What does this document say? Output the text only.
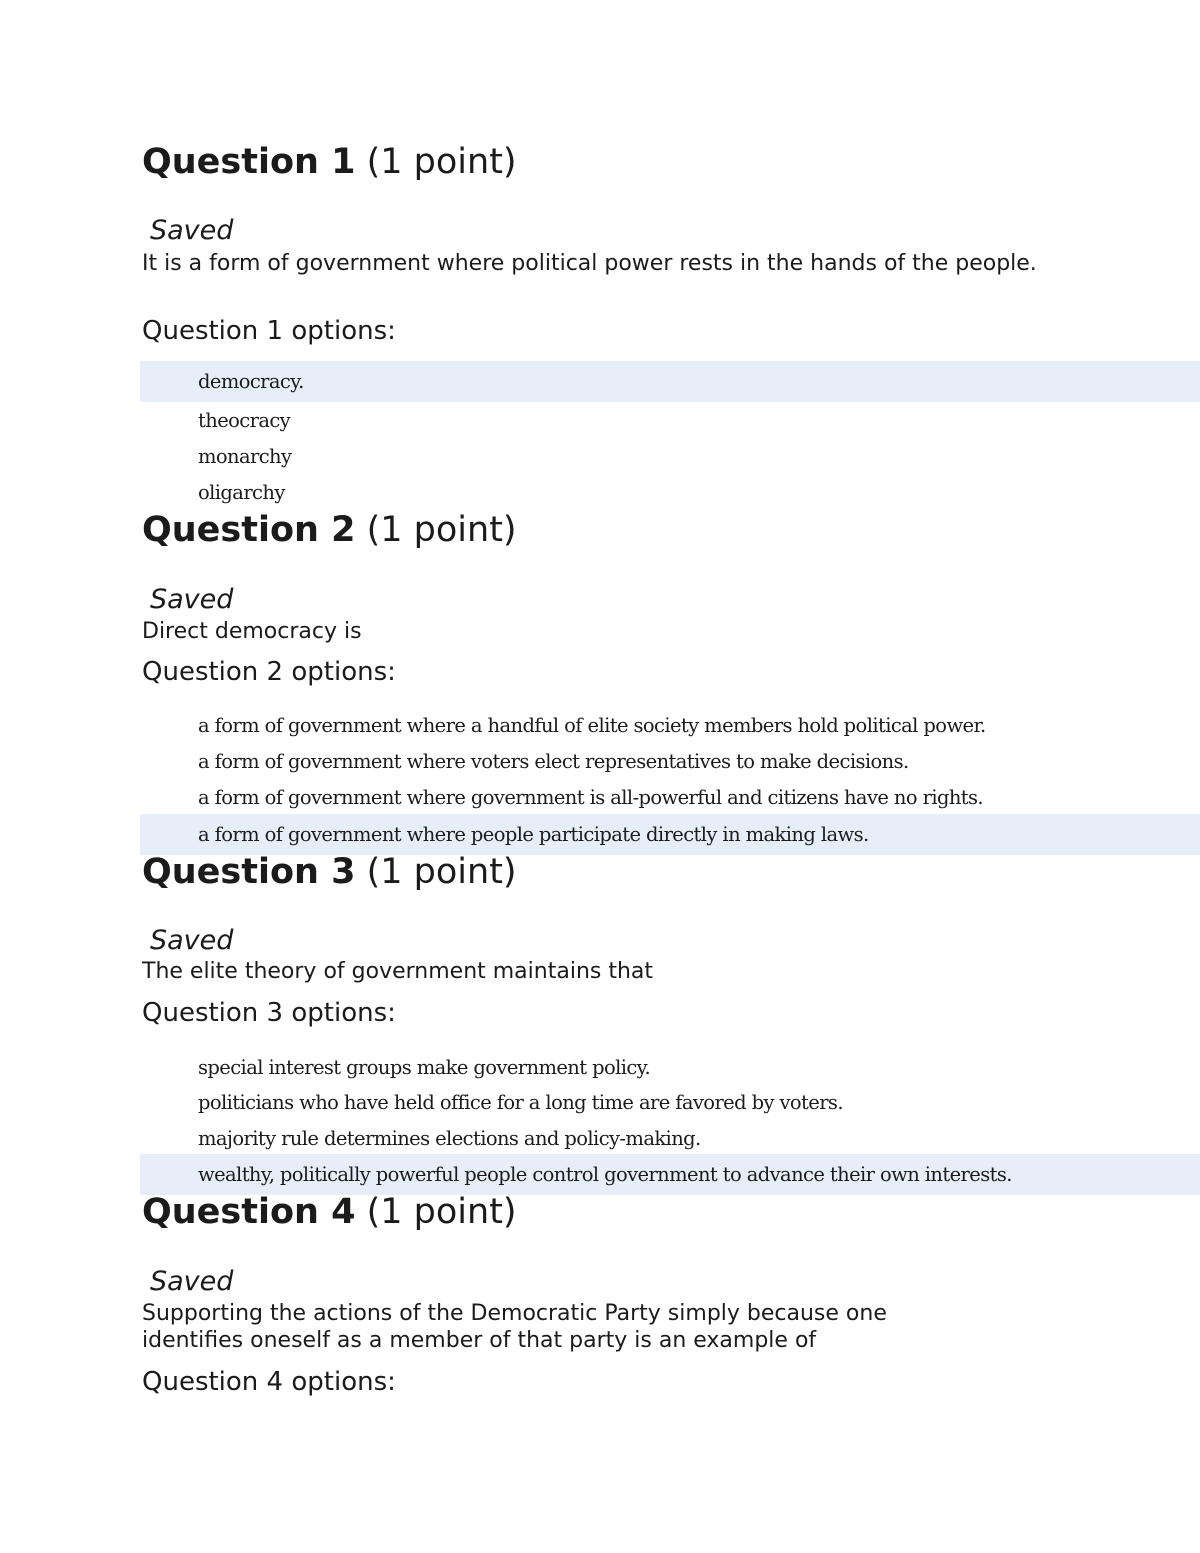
Question 1 (1 point)
Saved
It is a form of government where political power rests in the hands of the people.
Question 1 options:
democracy.
theocracy
monarchy
oligarchy
Question 2 (1 point)
Saved
Direct democracy is
Question 2 options:
a form of government where a handful of elite society members hold political power.
a form of government where voters elect representatives to make decisions.
a form of government where government is all-powerful and citizens have no rights.
a form of government where people participate directly in making laws.
Question 3 (1 point)
Saved
The elite theory of government maintains that
Question 3 options:
special interest groups make government policy.
politicians who have held office for a long time are favored by voters.
majority rule determines elections and policy-making.
wealthy, politically powerful people control government to advance their own interests.
Question 4 (1 point)
Saved
Supporting the actions of the Democratic Party simply because one identifies oneself as a member of that party is an example of
Question 4 options:
